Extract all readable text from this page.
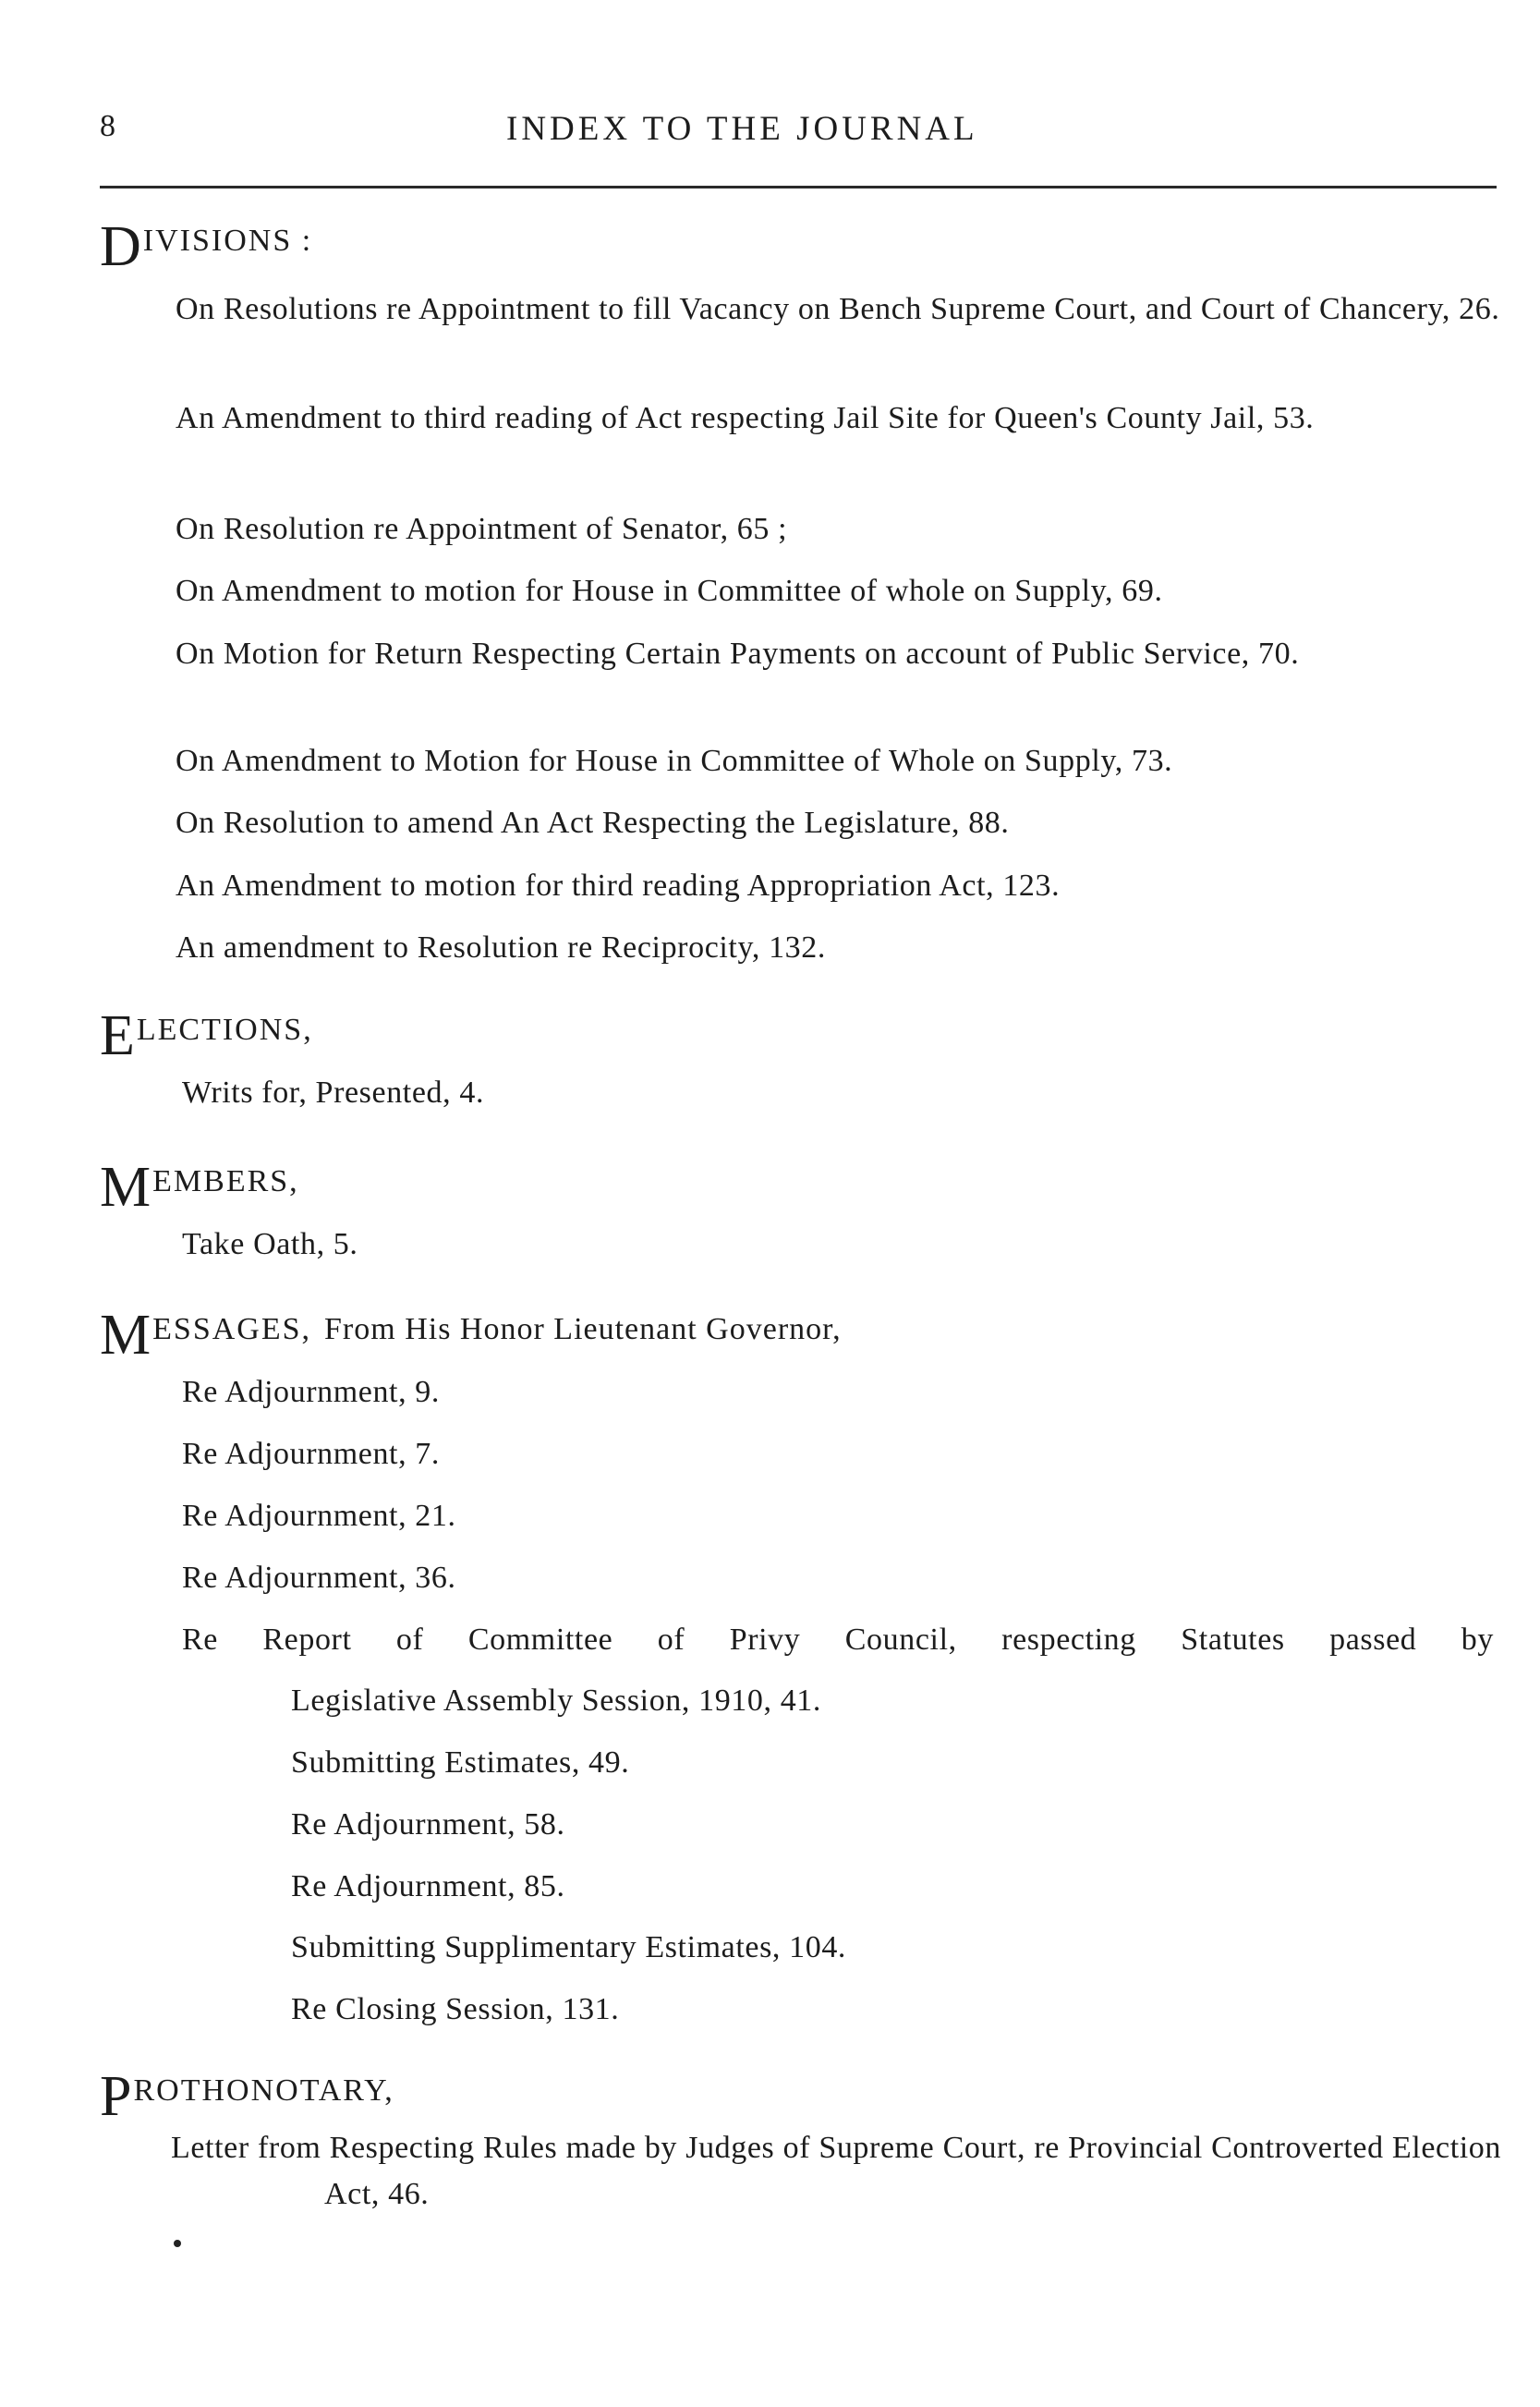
8	INDEX TO THE JOURNAL
DIVISIONS :
On Resolutions re Appointment to fill Vacancy on Bench Supreme Court, and Court of Chancery, 26.
An Amendment to third reading of Act respecting Jail Site for Queen's County Jail, 53.
On Resolution re Appointment of Senator, 65 ;
On Amendment to motion for House in Committee of whole on Supply, 69.
On Motion for Return Respecting Certain Payments on account of Public Service, 70.
On Amendment to Motion for House in Committee of Whole on Supply, 73.
On Resolution to amend An Act Respecting the Legislature, 88.
An Amendment to motion for third reading Appropriation Act, 123.
An amendment to Resolution re Reciprocity, 132.
ELECTIONS,
Writs for, Presented, 4.
MEMBERS,
Take Oath, 5.
MESSAGES, From His Honor Lieutenant Governor,
Re Adjournment, 9.
Re Adjournment, 7.
Re Adjournment, 21.
Re Adjournment, 36.
Re Report of Committee of Privy Council, respecting Statutes passed by
Legislative Assembly Session, 1910, 41.
Submitting Estimates, 49.
Re Adjournment, 58.
Re Adjournment, 85.
Submitting Supplimentary Estimates, 104.
Re Closing Session, 131.
PROTHONOTARY,
Letter from Respecting Rules made by Judges of Supreme Court, re Provincial Controverted Election Act, 46.
